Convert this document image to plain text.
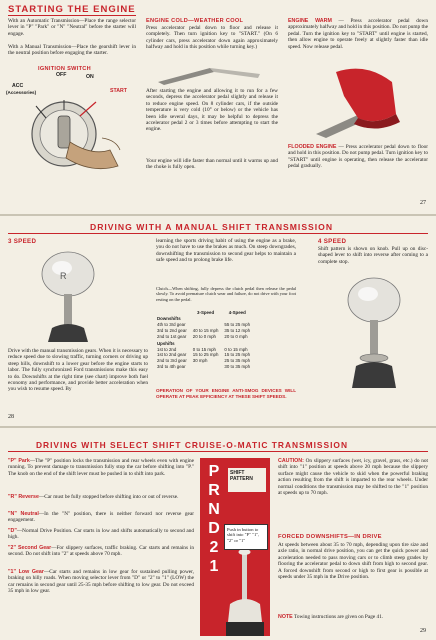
STARTING THE ENGINE
With an Automatic Transmission—Place the range selector lever in "P" "Park" or "N" "Neutral" before the starter will engage.
With a Manual Transmission—Place the gearshift lever in the neutral position before engaging the starter.
IGNITION SWITCH
ACC
(Accessories)
OFF	ON
START
ENGINE COLD—WEATHER COOL
Press accelerator pedal down to floor and release it completely. Then turn ignition key to "START." (On 6 cylinder cars, press accelerator down again approximately halfway and hold in this position while turning key.)
After starting the engine and allowing it to run for a few seconds, depress the accelerator pedal slightly and release it to reduce engine speed. On 8 cylinder cars, if the outside temperature is very cold (10° or below) or the vehicle has been idle several days, it may be helpful to depress the accelerator pedal 2 or 3 times before attempting to start the engine.
Your engine will idle faster than normal until it warms up and the choke is fully open.
ENGINE WARM — Press accelerator pedal down approximately halfway and hold in this position. Do not pump the pedal. Turn the ignition key to "START" until engine is started, then allow engine to operate freely at slightly faster than idle speed. Now release pedal.
FLOODED ENGINE — Press accelerator pedal down to floor and hold in this position. Do not pump pedal. Turn ignition key to "START" until engine is operating, then release the accelerator pedal gradually.
27
DRIVING WITH A MANUAL SHIFT TRANSMISSION
3 SPEED
R
Drive with the manual transmission gears. When it is necessary to reduce speed due to slowing traffic, turning corners or driving up steep hills, downshift to a lower gear before the engine starts to labor. The fully synchronized Ford transmissions make this easy to do. Downshifts at the right time (see chart) improve both fuel economy and performance, and provide better acceleration when you wish to resume speed. By
learning the sports driving habit of using the engine as a brake, you do not have to use the brakes as much. On steep downgrades, downshifting the transmission to second gear helps to maintain a safe speed and to prolong brake life.
Clutch—When shifting, fully depress the clutch pedal then release the pedal slowly. To avoid premature clutch wear and failure, do not drive with your foot resting on the pedal.
	3-Speed	4-Speed
Downshifts		
4th to 3rd gear		55 to 25 mph
3rd to 2nd gear	40 to 15 mph	35 to 12 mph
2nd to 1st gear	20 to 0 mph	20 to 0 mph
Upshifts		
1st to 2nd	0 to 15 mph	0 to 15 mph
1st to 2nd gear	15 to 25 mph	15 to 25 mph
2nd to 3rd gear	30 mph	25 to 35 mph
3rd to 4th gear		30 to 35 mph
OPERATION OF YOUR ENGINE ANTI-SMOG DEVICES WILL OPERATE AT PEAK EFFICIENCY AT THESE SHIFT SPEEDS.
4 SPEED
Shift pattern is shown on knob. Pull up on disc-shaped lever to shift into reverse after coming to a complete stop.
28
DRIVING WITH SELECT SHIFT CRUISE-O-MATIC TRANSMISSION
"P" Park—The "P" position locks the transmission and rear wheels even with engine running. To prevent damage to transmission fully stop the car before shifting into "P." The knob on the end of the shift lever must be pushed in to shift into park.
"R" Reverse—Car must be fully stopped before shifting into or out of reverse.
"N" Neutral—In the "N" position, there is neither forward nor reverse gear engagement.
"D"—Normal Drive Position. Car starts in low and shifts automatically to second and high.
"2" Second Gear—For slippery surfaces, traffic braking. Car starts and remains in second. Do not shift into "2" at speeds above 70 mph.
"1" Low Gear—Car starts and remains in low gear for sustained pulling power, braking on hilly roads. When moving selector lever from "D" or "2" to "1" (LOW) the car remains in second gear until 25-35 mph before shifting to low gear. Do not exceed 35 mph in low gear.
P
R
N
D
2
1
SHIFT PATTERN
Push in button to shift into "P" "1", "2" or "1"
CAUTION: On slippery surfaces (wet, icy, gravel, grass, etc.) do not shift into "1" position at speeds above 20 mph because the slippery surface might cause the vehicle to skid when the powerful braking action resulting from the shift is imparted to the rear wheels. Under normal conditions the transmission may be shifted to the "1" position at speeds up to 70 mph.
FORCED DOWNSHIFTS—IN DRIVE
At speeds between about 35 to 70 mph, depending upon tire size and axle ratio, in normal drive position, you can get the quick power and acceleration needed to pass moving cars or to climb steep grades by flooring the accelerator pedal to down shift from high to second gear. A forced downshift from second or high to first gear is possible at speeds under 35 mph in the Drive position.
NOTE Towing instructions are given on Page 41.
29
